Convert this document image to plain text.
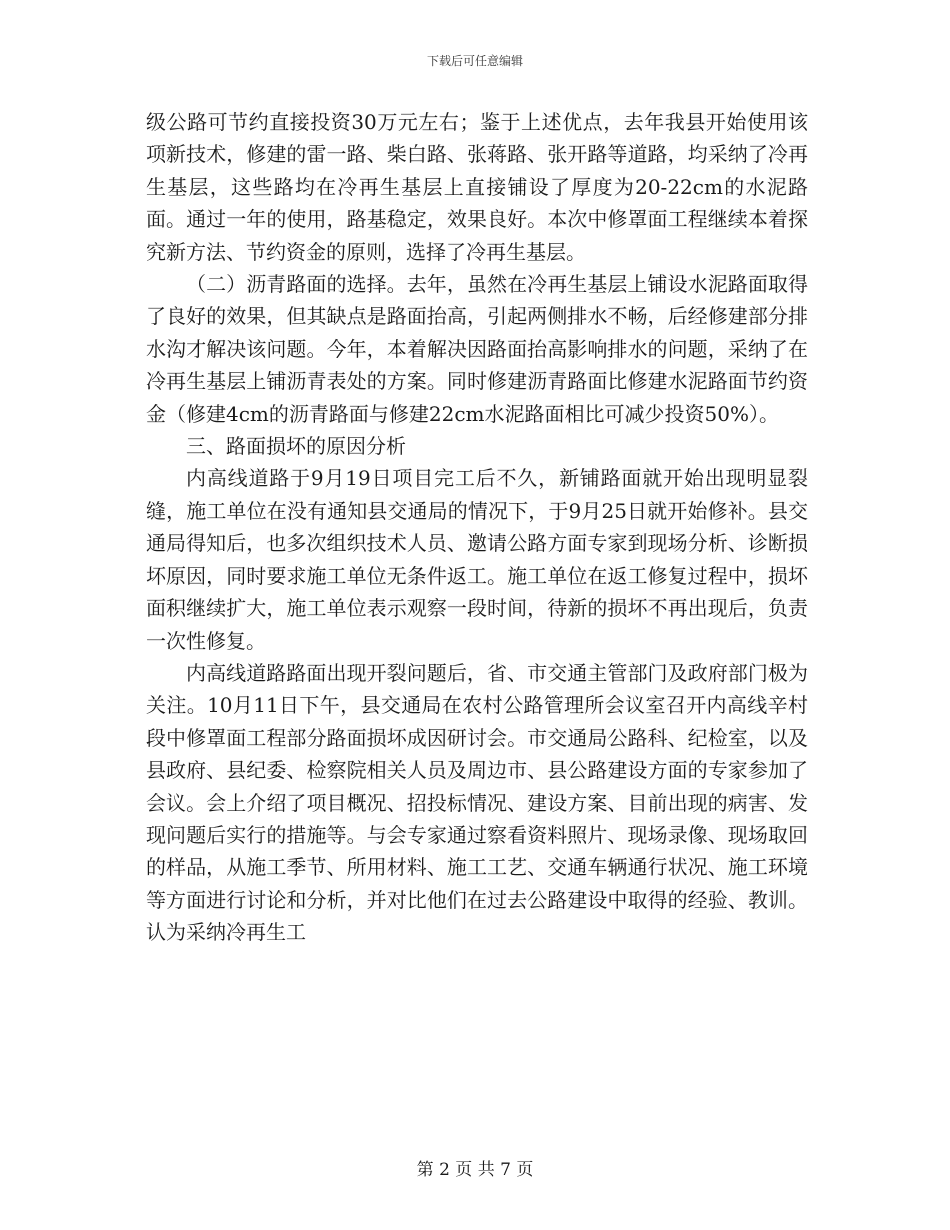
下载后可任意编辑

级公路可节约直接投资30万元左右；鉴于上述优点，去年我县开始使用该项新技术，修建的雷一路、柴白路、张蒋路、张开路等道路，均采纳了冷再生基层，这些路均在冷再生基层上直接铺设了厚度为20-22cm的水泥路面。通过一年的使用，路基稳定，效果良好。本次中修罩面工程继续本着探究新方法、节约资金的原则，选择了冷再生基层。

（二）沥青路面的选择。去年，虽然在冷再生基层上铺设水泥路面取得了良好的效果，但其缺点是路面抬高，引起两侧排水不畅，后经修建部分排水沟才解决该问题。今年，本着解决因路面抬高影响排水的问题，采纳了在冷再生基层上铺沥青表处的方案。同时修建沥青路面比修建水泥路面节约资金（修建4cm的沥青路面与修建22cm水泥路面相比可减少投资50%）。

三、路面损坏的原因分析

内高线道路于9月19日项目完工后不久，新铺路面就开始出现明显裂缝，施工单位在没有通知县交通局的情况下，于9月25日就开始修补。县交通局得知后，也多次组织技术人员、邀请公路方面专家到现场分析、诊断损坏原因，同时要求施工单位无条件返工。施工单位在返工修复过程中，损坏面积继续扩大，施工单位表示观察一段时间，待新的损坏不再出现后，负责一次性修复。

内高线道路路面出现开裂问题后，省、市交通主管部门及政府部门极为关注。10月11日下午，县交通局在农村公路管理所会议室召开内高线辛村段中修罩面工程部分路面损坏成因研讨会。市交通局公路科、纪检室，以及县政府、县纪委、检察院相关人员及周边市、县公路建设方面的专家参加了会议。会上介绍了项目概况、招投标情况、建设方案、目前出现的病害、发现问题后实行的措施等。与会专家通过察看资料照片、现场录像、现场取回的样品，从施工季节、所用材料、施工工艺、交通车辆通行状况、施工环境等方面进行讨论和分析，并对比他们在过去公路建设中取得的经验、教训。认为采纳冷再生工

第 2 页 共 7 页
